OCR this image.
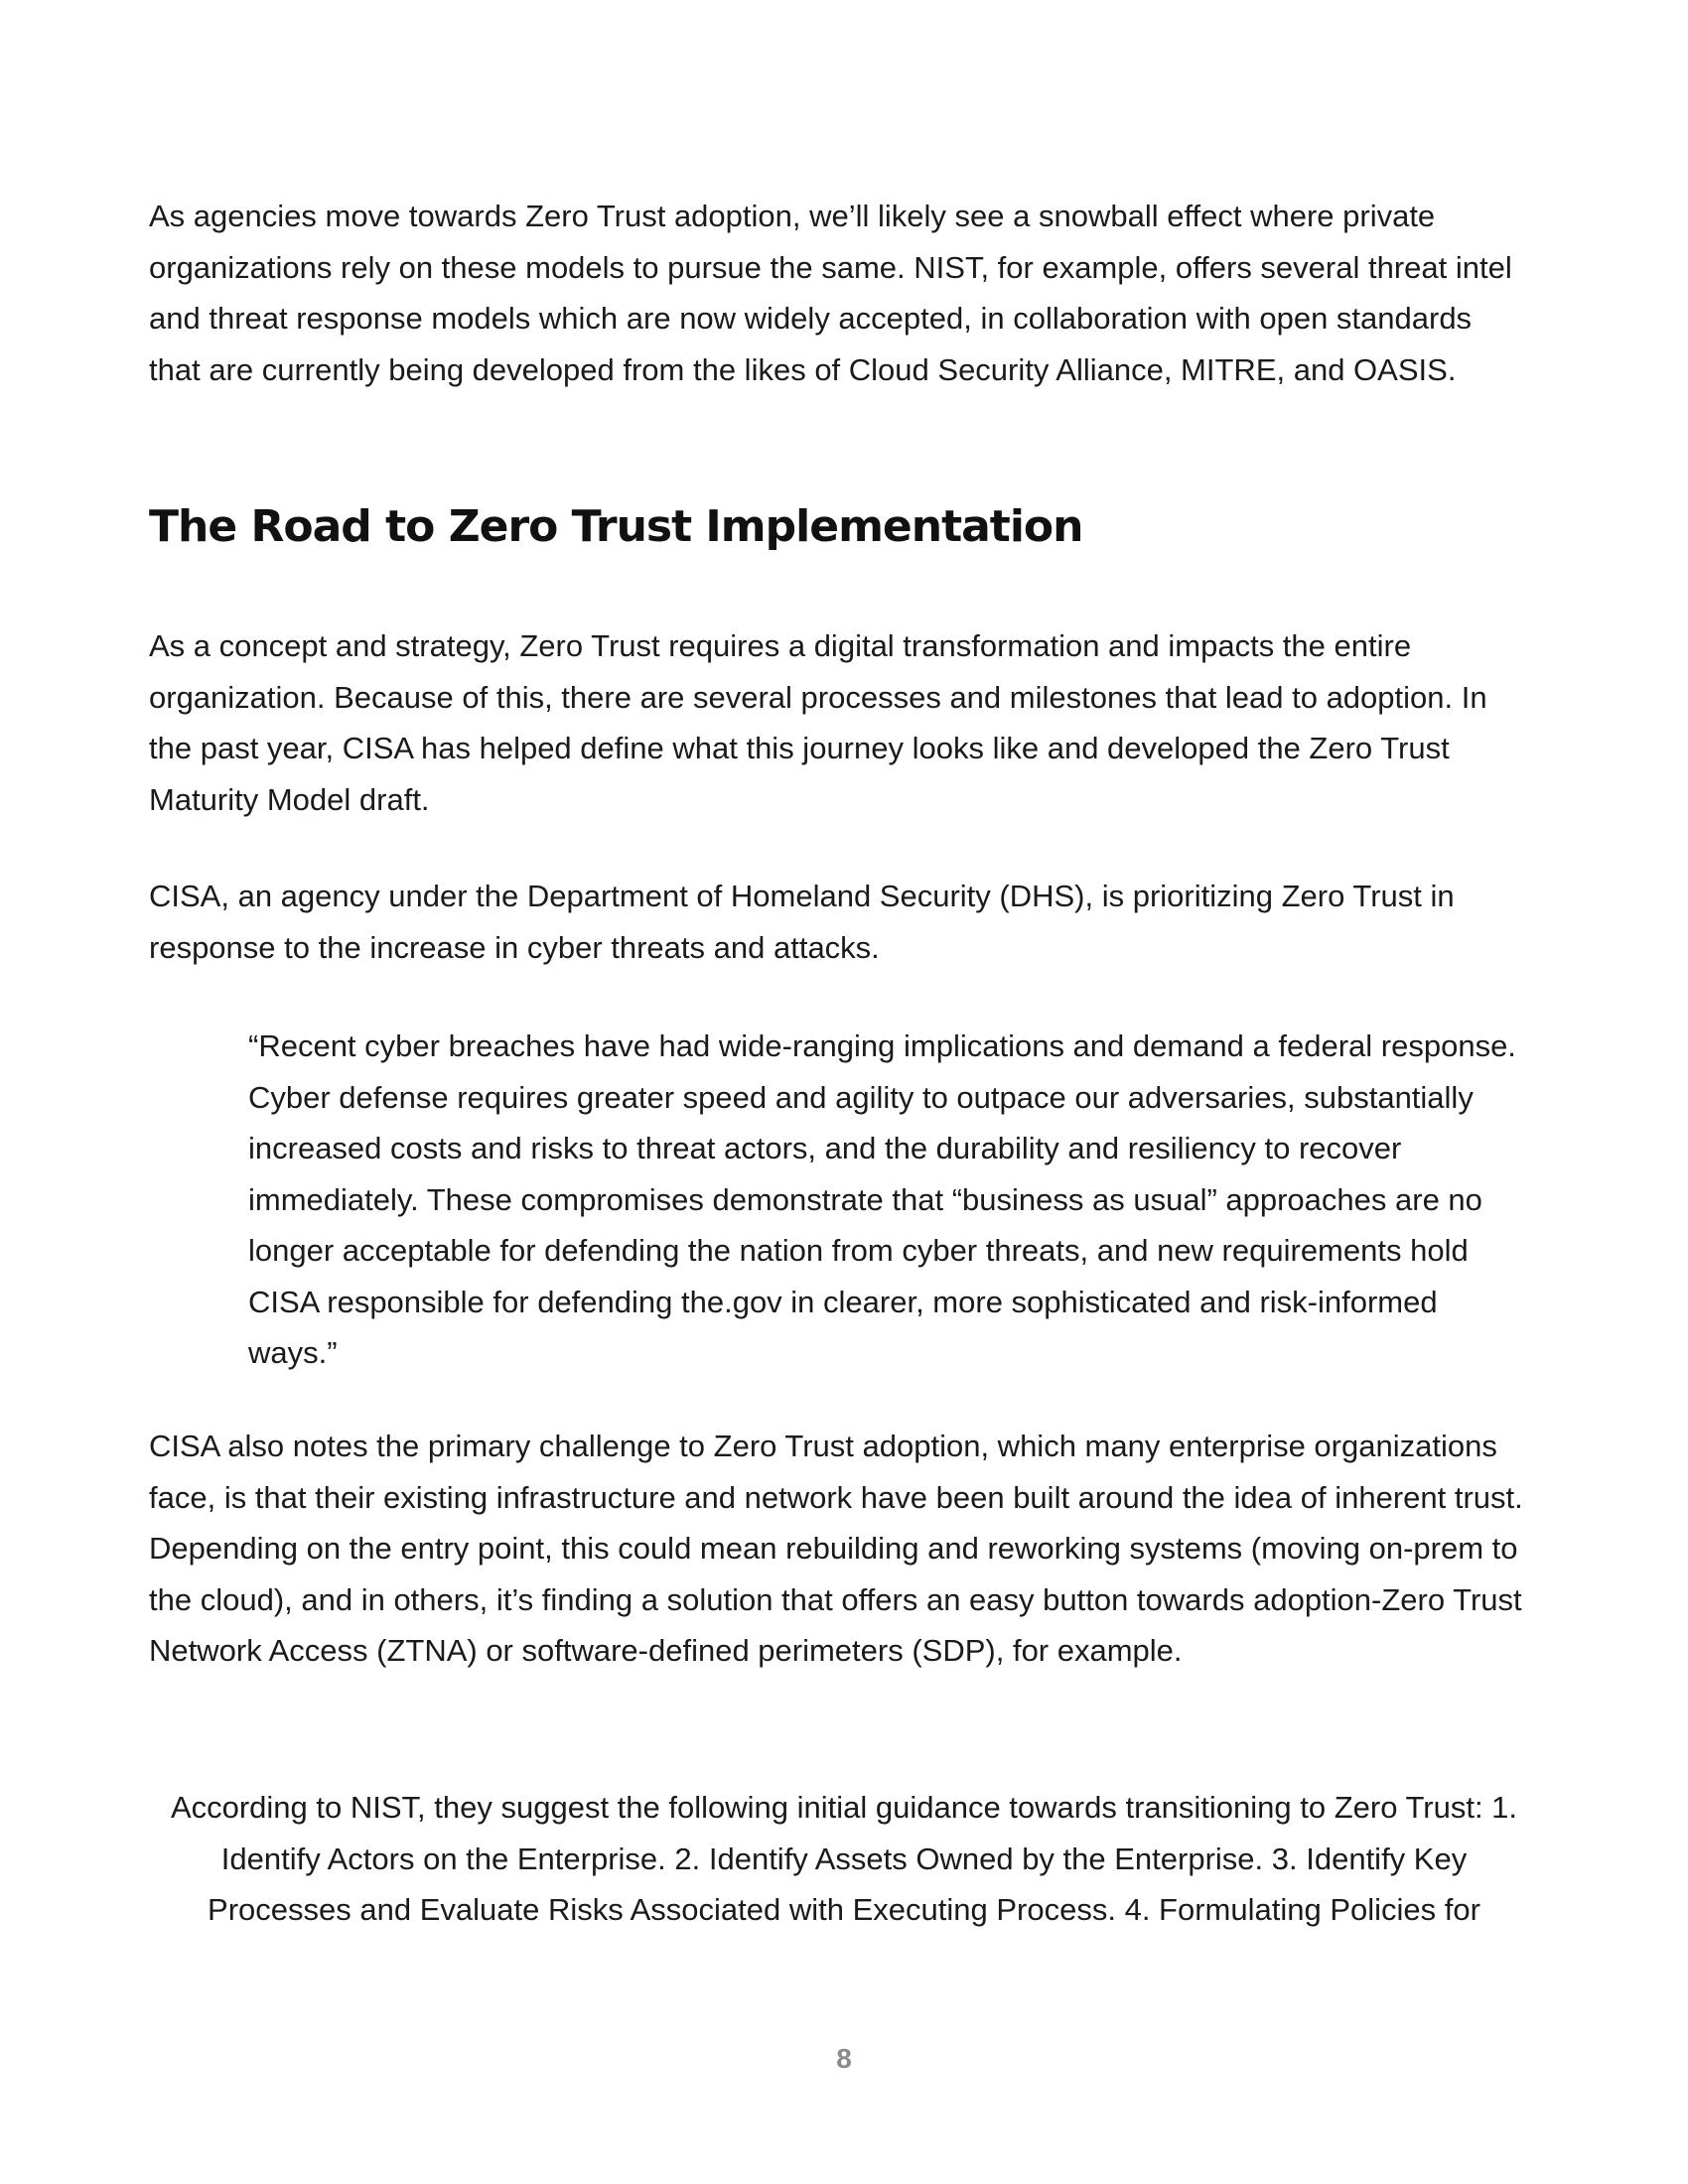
As agencies move towards Zero Trust adoption, we’ll likely see a snowball effect where private organizations rely on these models to pursue the same. NIST, for example, offers several threat intel and threat response models which are now widely accepted, in collaboration with open standards that are currently being developed from the likes of Cloud Security Alliance, MITRE, and OASIS.

The Road to Zero Trust Implementation

As a concept and strategy, Zero Trust requires a digital transformation and impacts the entire organization. Because of this, there are several processes and milestones that lead to adoption. In the past year, CISA has helped define what this journey looks like and developed the Zero Trust Maturity Model draft.

CISA, an agency under the Department of Homeland Security (DHS), is prioritizing Zero Trust in response to the increase in cyber threats and attacks.

“Recent cyber breaches have had wide-ranging implications and demand a federal response. Cyber defense requires greater speed and agility to outpace our adversaries, substantially increased costs and risks to threat actors, and the durability and resiliency to recover immediately. These compromises demonstrate that “business as usual” approaches are no longer acceptable for defending the nation from cyber threats, and new requirements hold CISA responsible for defending the.gov in clearer, more sophisticated and risk-informed ways.”

CISA also notes the primary challenge to Zero Trust adoption, which many enterprise organizations face, is that their existing infrastructure and network have been built around the idea of inherent trust. Depending on the entry point, this could mean rebuilding and reworking systems (moving on-prem to the cloud), and in others, it’s finding a solution that offers an easy button towards adoption-Zero Trust Network Access (ZTNA) or software-defined perimeters (SDP), for example.

According to NIST, they suggest the following initial guidance towards transitioning to Zero Trust: 1. Identify Actors on the Enterprise. 2. Identify Assets Owned by the Enterprise. 3. Identify Key Processes and Evaluate Risks Associated with Executing Process. 4. Formulating Policies for

8
